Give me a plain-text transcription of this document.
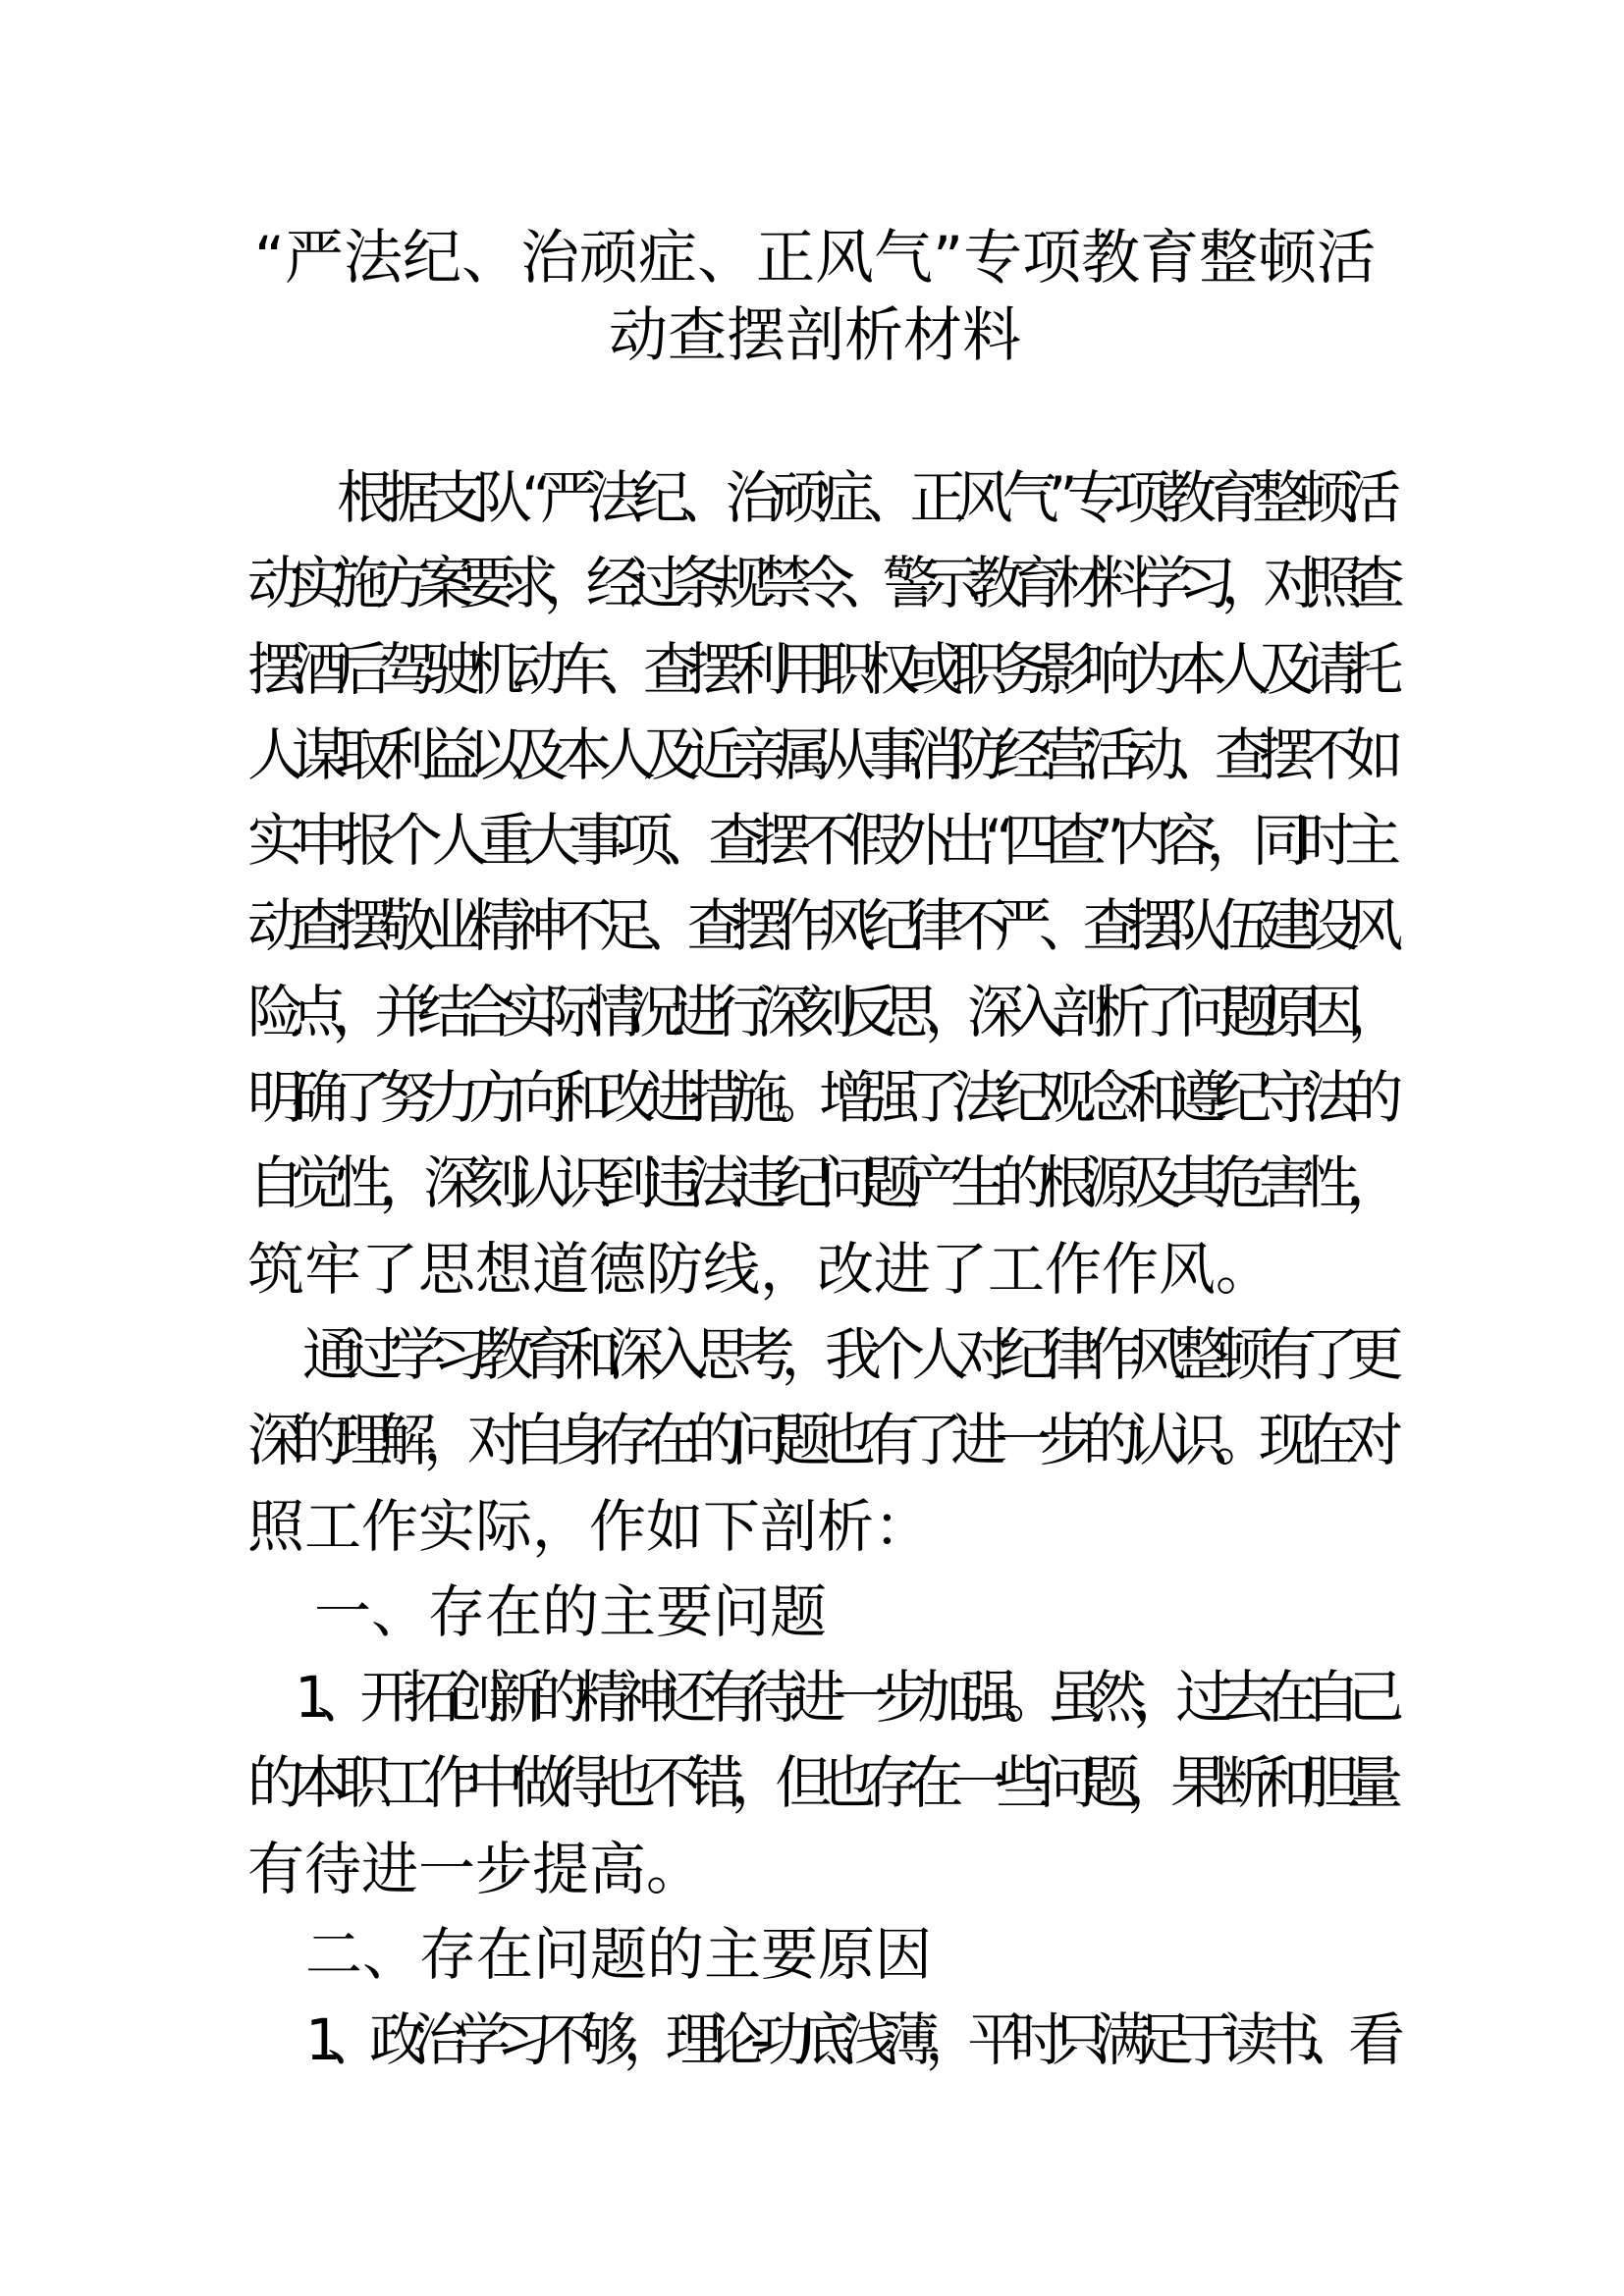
“严法纪、治顽症、正风气”专项教育整顿活
动查摆剖析材料
根据支队“严法纪、治顽症、正风气”专项教育整顿活
动实施方案要求，经过条规禁令、警示教育材料学习，对照查
摆酒后驾驶机动车、查摆利用职权或职务影响为本人及请托
人谋取利益以及本人及近亲属从事消防经营活动、查摆不如
实申报个人重大事项、查摆不假外出“四查”内容，同时主
动查摆敬业精神不足、查摆作风纪律不严、查摆队伍建设风
险点，并结合实际情况进行深刻反思，深入剖析了问题原因，
明确了努力方向和改进措施。增强了法纪观念和遵纪守法的
自觉性，深刻认识到违法违纪问题产生的根源及其危害性，
筑牢了思想道德防线，改进了工作作风。
通过学习教育和深入思考，我个人对纪律作风整顿有了更
深的理解，对自身存在的问题也有了进一步的认识。现在对
照工作实际，作如下剖析：
一、存在的主要问题
1、开拓创新的精神还有待进一步加强。虽然，过去在自己
的本职工作中做得也不错，但也存在一些问题，果断和胆量
有待进一步提高。
二、存在问题的主要原因
1、政治学习不够，理论-功底浅薄，平时只满足于读书、看
